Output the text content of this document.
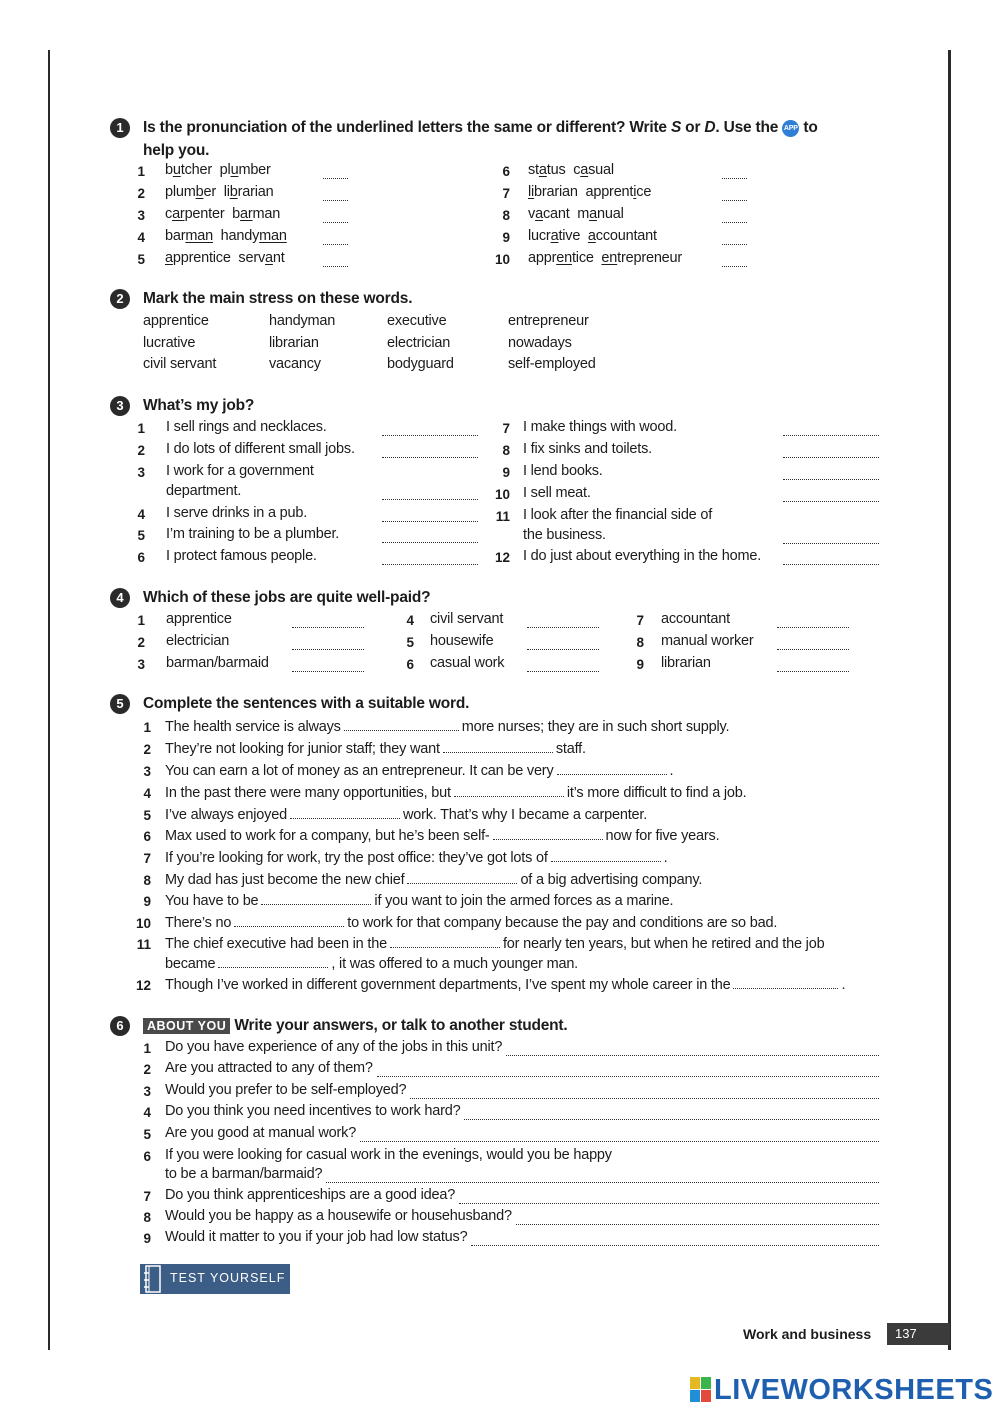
1	Is the pronunciation of the underlined letters the same or different? Write S or D. Use the APP to
help you.
2	Mark the main stress on these words.
3	What’s my job?
4	Which of these jobs are quite well-paid?
5	Complete the sentences with a suitable word.
6	ABOUT YOU Write your answers, or talk to another student.
TEST YOURSELF
Work and business	137
LIVEWORKSHEETS
1 butcher plumber
2 plumber librarian
3 carpenter barman
4 barman handyman
5 apprentice servant
6 status casual
7 librarian apprentice
8 vacant manual
9 lucrative accountant
10 apprentice entrepreneur
apprentice	handyman	executive	entrepreneur
lucrative	librarian	electrician	nowadays
civil servant	vacancy	bodyguard	self-employed
1 I sell rings and necklaces.
2 I do lots of different small jobs.
3 I work for a government
department.
4 I serve drinks in a pub.
5 I’m training to be a plumber.
6 I protect famous people.
7 I make things with wood.
8 I fix sinks and toilets.
9 I lend books.
10 I sell meat.
11 I look after the financial side of
the business.
12 I do just about everything in the home.
1 apprentice
2 electrician
3 barman/barmaid
4 civil servant
5 housewife
6 casual work
7 accountant
8 manual worker
9 librarian
1 The health service is always	more nurses; they are in such short supply.
2 They’re not looking for junior staff; they want	staff.
3 You can earn a lot of money as an entrepreneur. It can be very	.
4 In the past there were many opportunities, but	it’s more difficult to find a job.
5 I’ve always enjoyed	work. That’s why I became a carpenter.
6 Max used to work for a company, but he’s been self-	now for five years.
7 If you’re looking for work, try the post office: they’ve got lots of	.
8 My dad has just become the new chief	of a big advertising company.
9 You have to be	if you want to join the armed forces as a marine.
10 There’s no	to work for that company because the pay and conditions are so bad.
11 The chief executive had been in the	for nearly ten years, but when he retired and the job
became	, it was offered to a much younger man.
12 Though I’ve worked in different government departments, I’ve spent my whole career in the	.
1 Do you have experience of any of the jobs in this unit?
2 Are you attracted to any of them?
3 Would you prefer to be self-employed?
4 Do you think you need incentives to work hard?
5 Are you good at manual work?
6 If you were looking for casual work in the evenings, would you be happy
to be a barman/barmaid?
7 Do you think apprenticeships are a good idea?
8 Would you be happy as a housewife or househusband?
9 Would it matter to you if your job had low status?
